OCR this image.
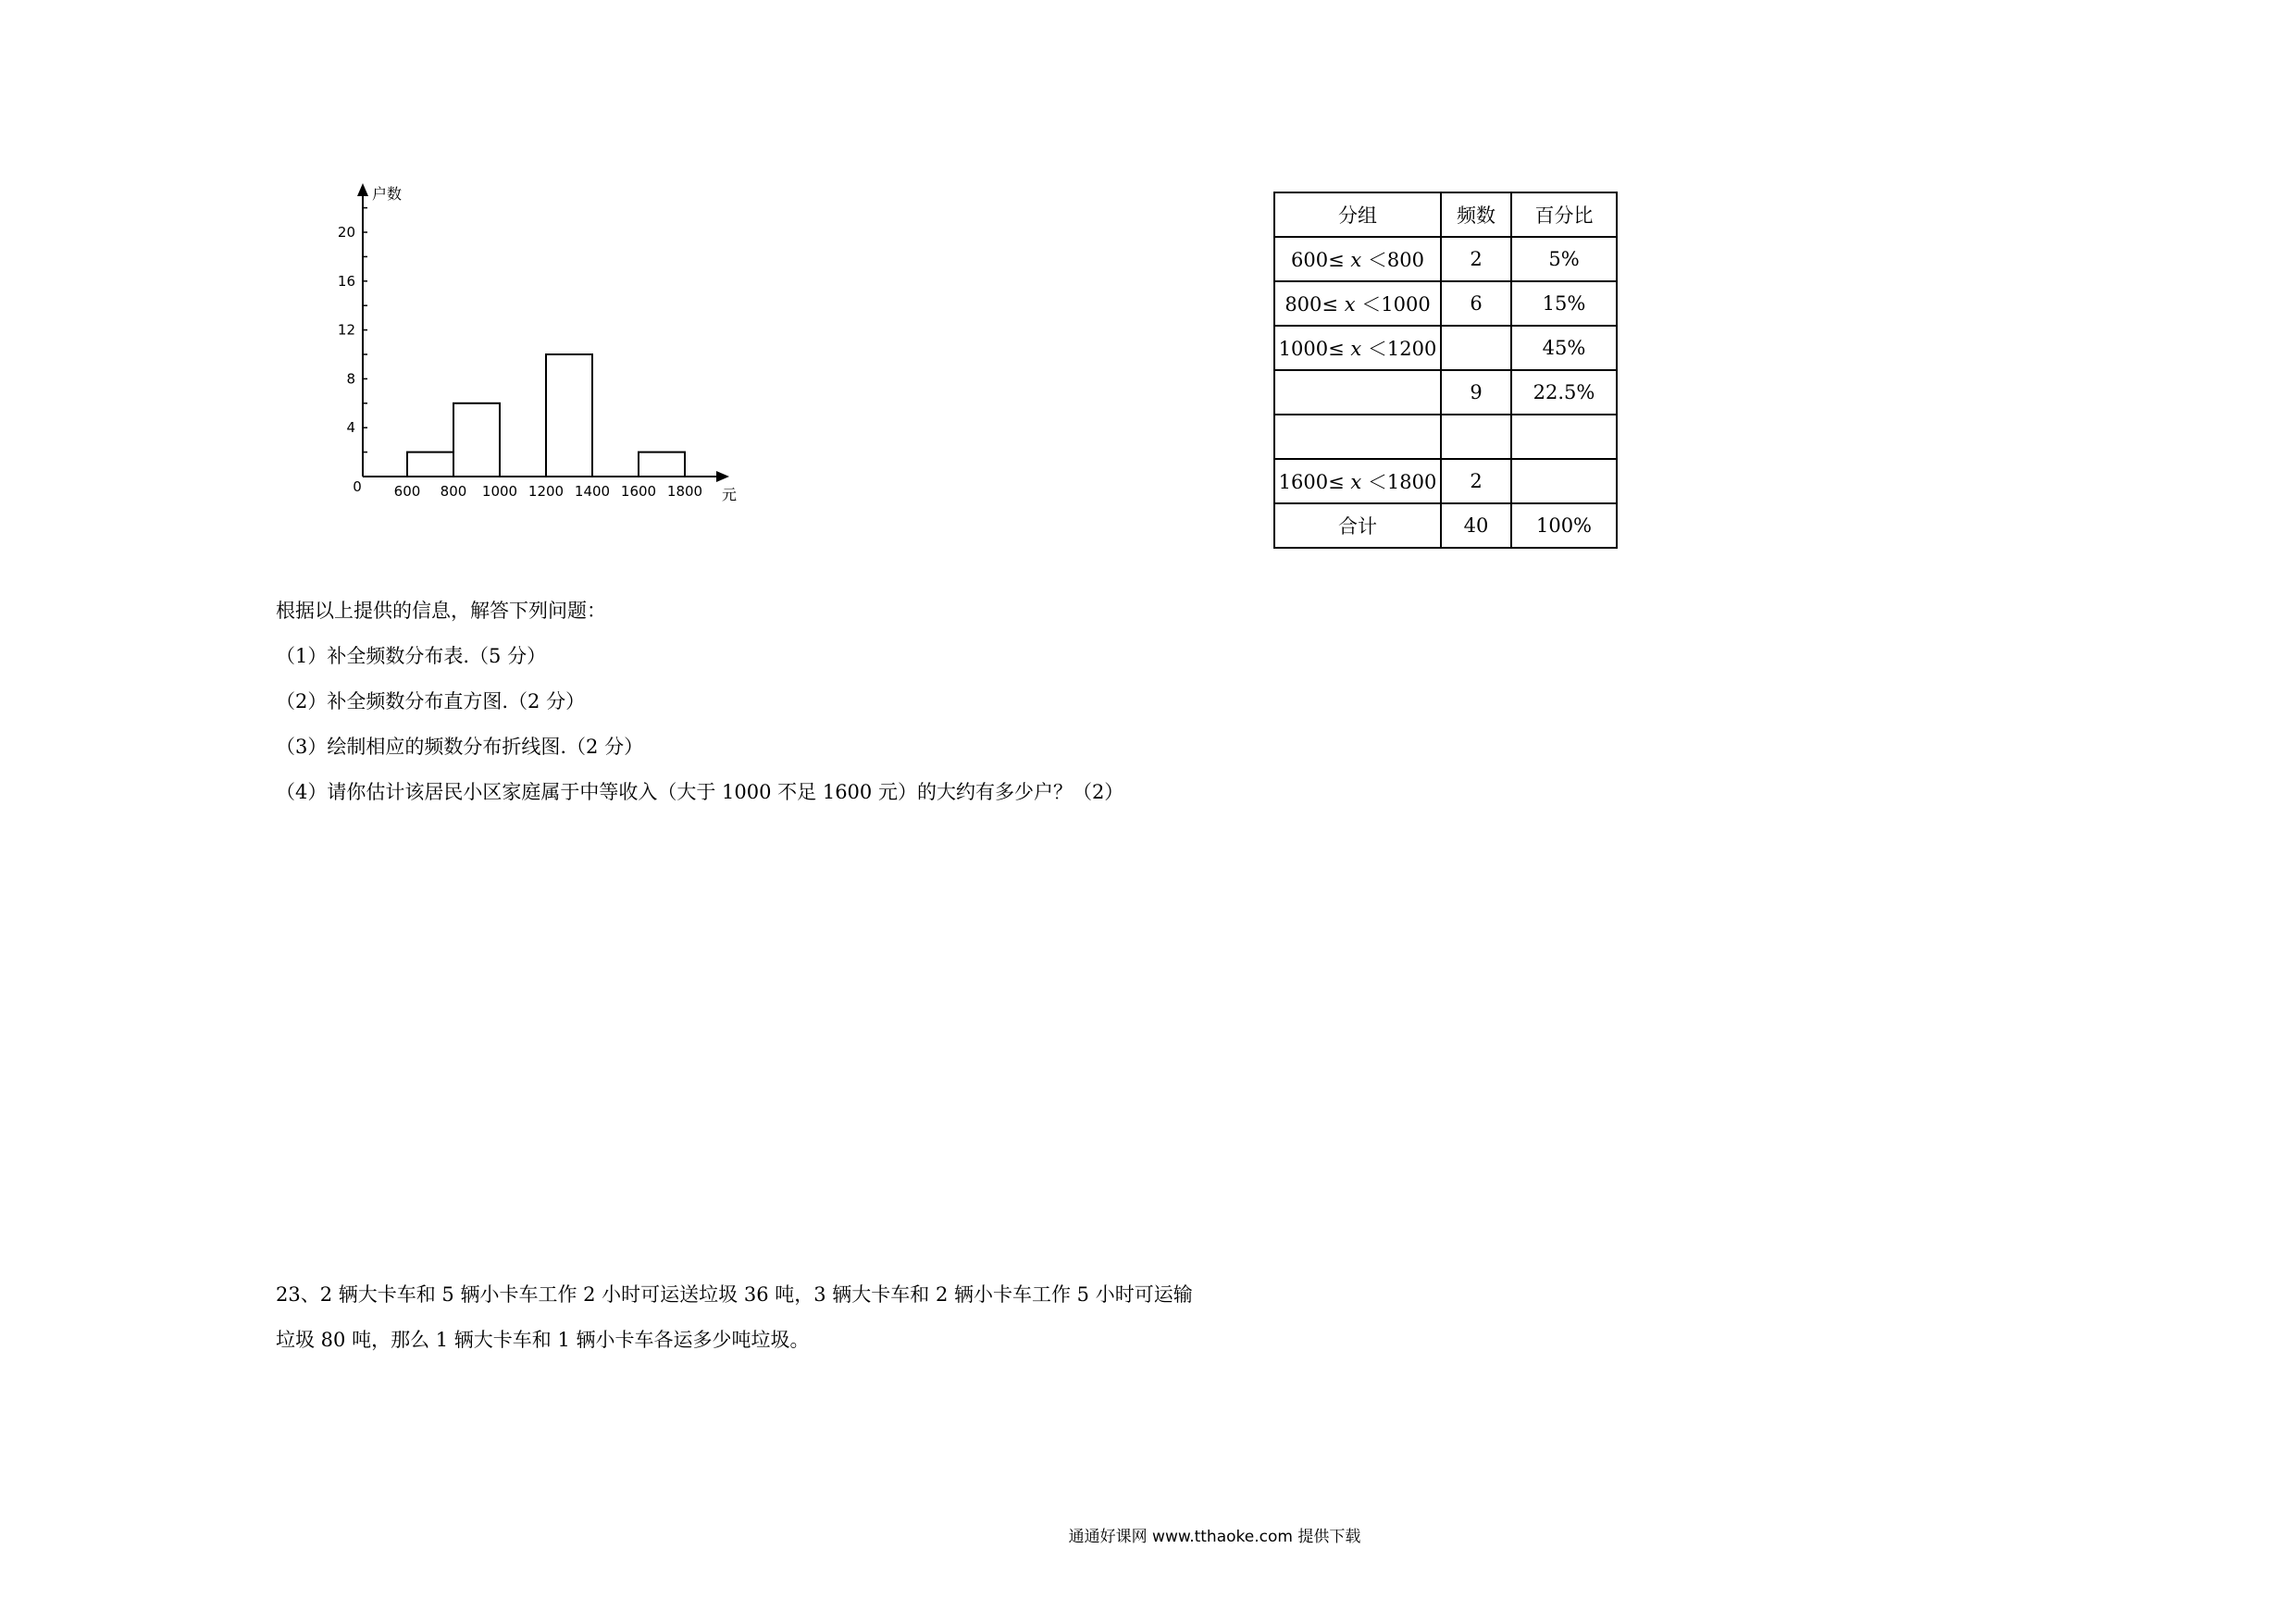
4
8
12
16
20
0 600 800 1000 1200 1400 1600 1800 元
户数
分组	频数	百分比
600≤ x ＜800	2	5%
800≤ x ＜1000	6	15%
1000≤ x ＜1200		45%
	9	22.5%

1600≤ x ＜1800	2	
合计	40	100%
根据以上提供的信息，解答下列问题：
（1）补全频数分布表.（5 分）
（2）补全频数分布直方图.（2 分）
（3）绘制相应的频数分布折线图.（2 分）
（4）请你估计该居民小区家庭属于中等收入（大于 1000 不足 1600 元）的大约有多少户？（2）
23、2 辆大卡车和 5 辆小卡车工作 2 小时可运送垃圾 36 吨，3 辆大卡车和 2 辆小卡车工作 5 小时可运输
垃圾 80 吨，那么 1 辆大卡车和 1 辆小卡车各运多少吨垃圾。
通通好课网 www.tthaoke.com 提供下载
